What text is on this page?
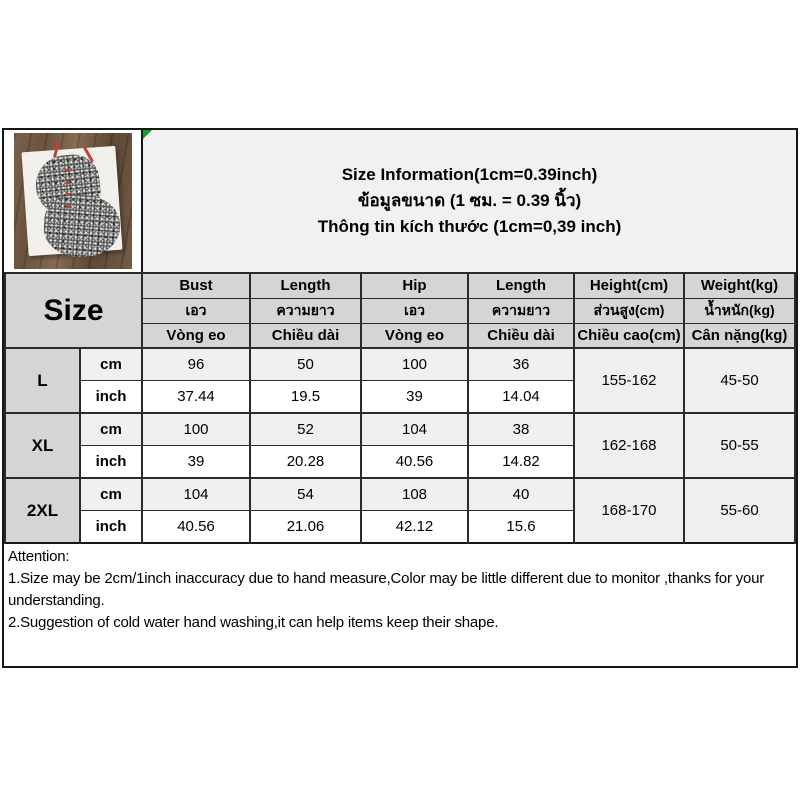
Size Information(1cm=0.39inch)
ข้อมูลขนาด (1 ซม. = 0.39 นิ้ว)
Thông tin kích thước (1cm=0,39 inch)
Size		Bust	Length	Hip	Length	Height(cm)	Weight(kg)
		เอว	ความยาว	เอว	ความยาว	ส่วนสูง(cm)	น้ำหนัก(kg)
		Vòng eo	Chiều dài	Vòng eo	Chiều dài	Chiều cao(cm)	Cân nặng(kg)
L	cm	96	50	100	36	155-162	45-50
	inch	37.44	19.5	39	14.04		
XL	cm	100	52	104	38	162-168	50-55
	inch	39	20.28	40.56	14.82		
2XL	cm	104	54	108	40	168-170	55-60
	inch	40.56	21.06	42.12	15.6		
Attention:
1.Size may be 2cm/1inch inaccuracy due to hand measure,Color may be little different due to monitor ,thanks for your understanding.
2.Suggestion of cold water hand washing,it can help items keep their shape.
